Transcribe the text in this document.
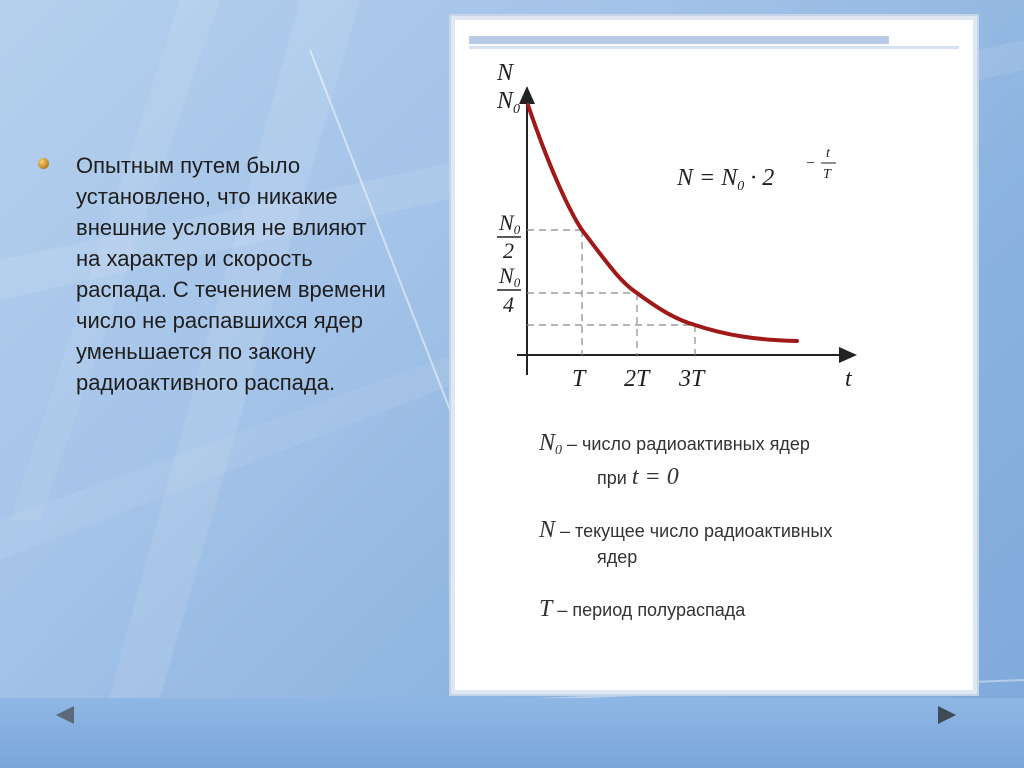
Опытным путем было
установлено, что никакие
внешние условия не влияют
на характер и скорость
распада. С течением времени
число не распавшихся ядер
уменьшается по закону
радиоактивного распада.

N
t
$N_0$
N0
2
N0
4
T 2T 3T
$N = N_0 \cdot 2$
−
t
T
$N_0$ – число радиоактивных ядер
при t = 0
N – текущее число радиоактивных
ядер
T – период полураспада
